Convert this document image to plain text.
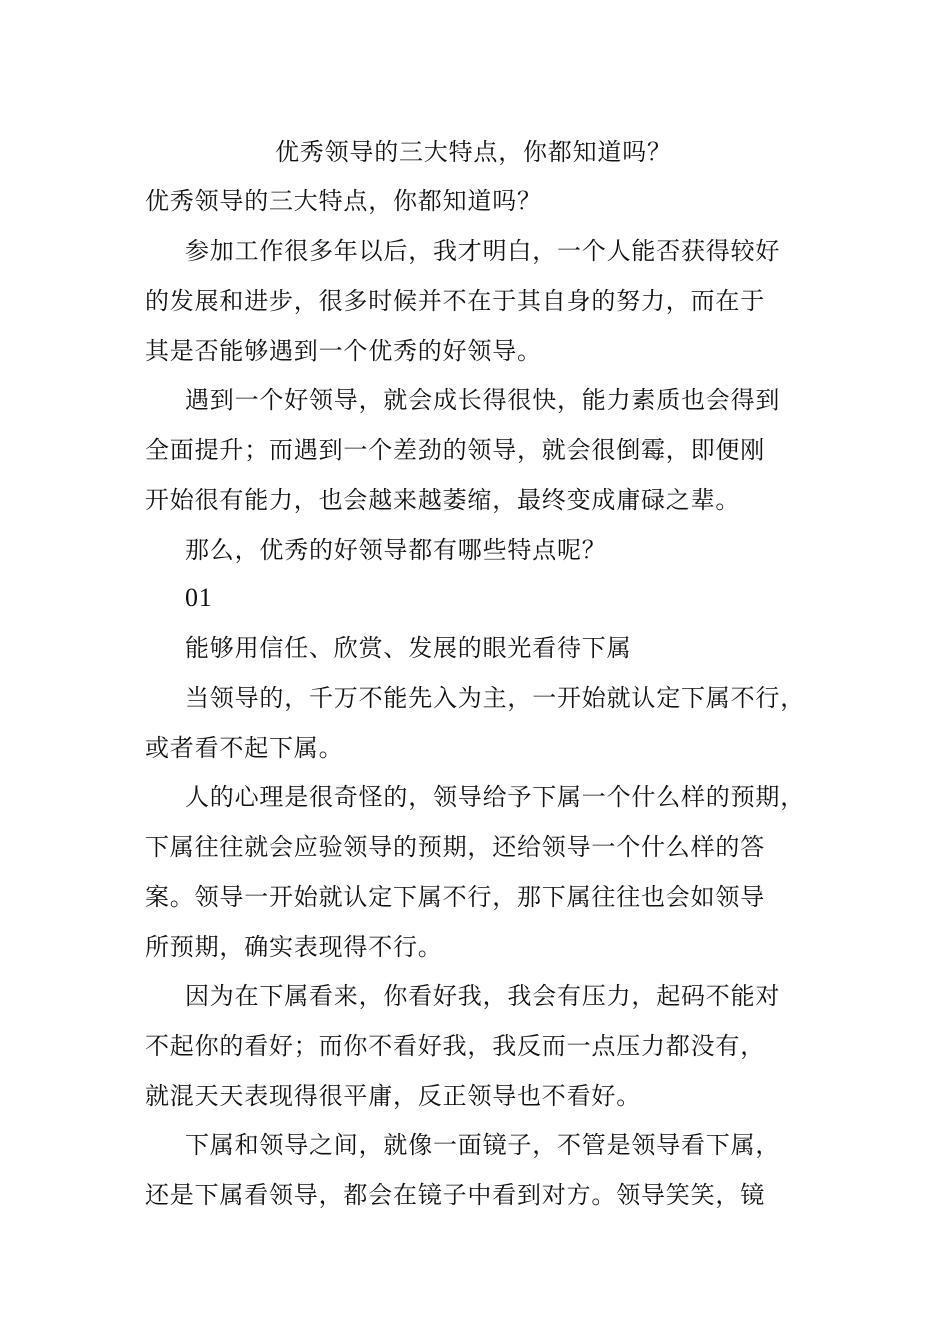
优秀领导的三大特点，你都知道吗？
优秀领导的三大特点，你都知道吗？
参加工作很多年以后，我才明白，一个人能否获得较好
的发展和进步，很多时候并不在于其自身的努力，而在于
其是否能够遇到一个优秀的好领导。
遇到一个好领导，就会成长得很快，能力素质也会得到
全面提升；而遇到一个差劲的领导，就会很倒霉，即便刚
开始很有能力，也会越来越萎缩，最终变成庸碌之辈。
那么，优秀的好领导都有哪些特点呢？
01
能够用信任、欣赏、发展的眼光看待下属
当领导的，千万不能先入为主，一开始就认定下属不行，
或者看不起下属。
人的心理是很奇怪的，领导给予下属一个什么样的预期，
下属往往就会应验领导的预期，还给领导一个什么样的答
案。领导一开始就认定下属不行，那下属往往也会如领导
所预期，确实表现得不行。
因为在下属看来，你看好我，我会有压力，起码不能对
不起你的看好；而你不看好我，我反而一点压力都没有，
就混天天表现得很平庸，反正领导也不看好。
下属和领导之间，就像一面镜子，不管是领导看下属，
还是下属看领导，都会在镜子中看到对方。领导笑笑，镜
